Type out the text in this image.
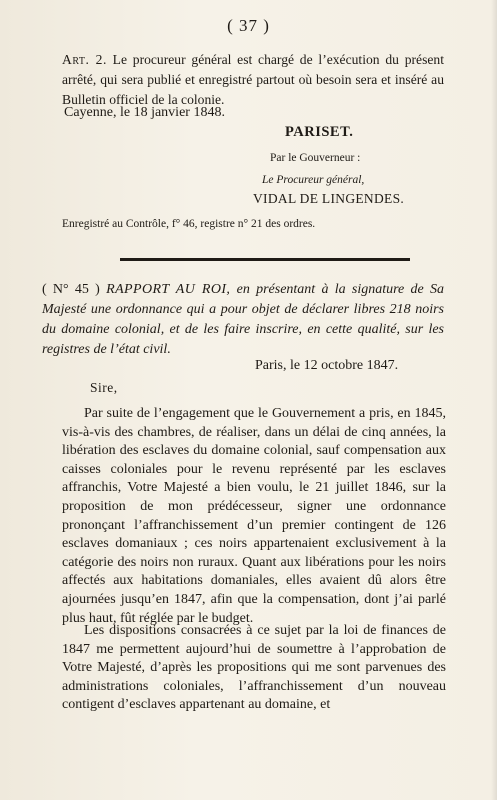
( 37 )
Art. 2. Le procureur général est chargé de l’exécution du présent arrêté, qui sera publié et enregistré partout où besoin sera et inséré au Bulletin officiel de la colonie.
Cayenne, le 18 janvier 1848.
PARISET.
Par le Gouverneur :
Le Procureur général,
VIDAL DE LINGENDES.
Enregistré au Contrôle, f° 46, registre n° 21 des ordres.
( N° 45 ) RAPPORT AU ROI, en présentant à la signature de Sa Majesté une ordonnance qui a pour objet de déclarer libres 218 noirs du domaine colonial, et de les faire inscrire, en cette qualité, sur les registres de l’état civil.
Paris, le 12 octobre 1847.
Sire,
Par suite de l’engagement que le Gouvernement a pris, en 1845, vis-à-vis des chambres, de réaliser, dans un délai de cinq années, la libération des esclaves du domaine colonial, sauf compensation aux caisses coloniales pour le revenu représenté par les esclaves affranchis, Votre Majesté a bien voulu, le 21 juillet 1846, sur la proposition de mon prédécesseur, signer une ordonnance prononçant l’affranchissement d’un premier contingent de 126 esclaves domaniaux ; ces noirs appartenaient exclusivement à la catégorie des noirs non ruraux. Quant aux libérations pour les noirs affectés aux habitations domaniales, elles avaient dû alors être ajournées jusqu’en 1847, afin que la compensation, dont j’ai parlé plus haut, fût réglée par le budget.
Les dispositions consacrées à ce sujet par la loi de finances de 1847 me permettent aujourd’hui de soumettre à l’approbation de Votre Majesté, d’après les propositions qui me sont parvenues des administrations coloniales, l’affranchissement d’un nouveau contigent d’esclaves appartenant au domaine, et
